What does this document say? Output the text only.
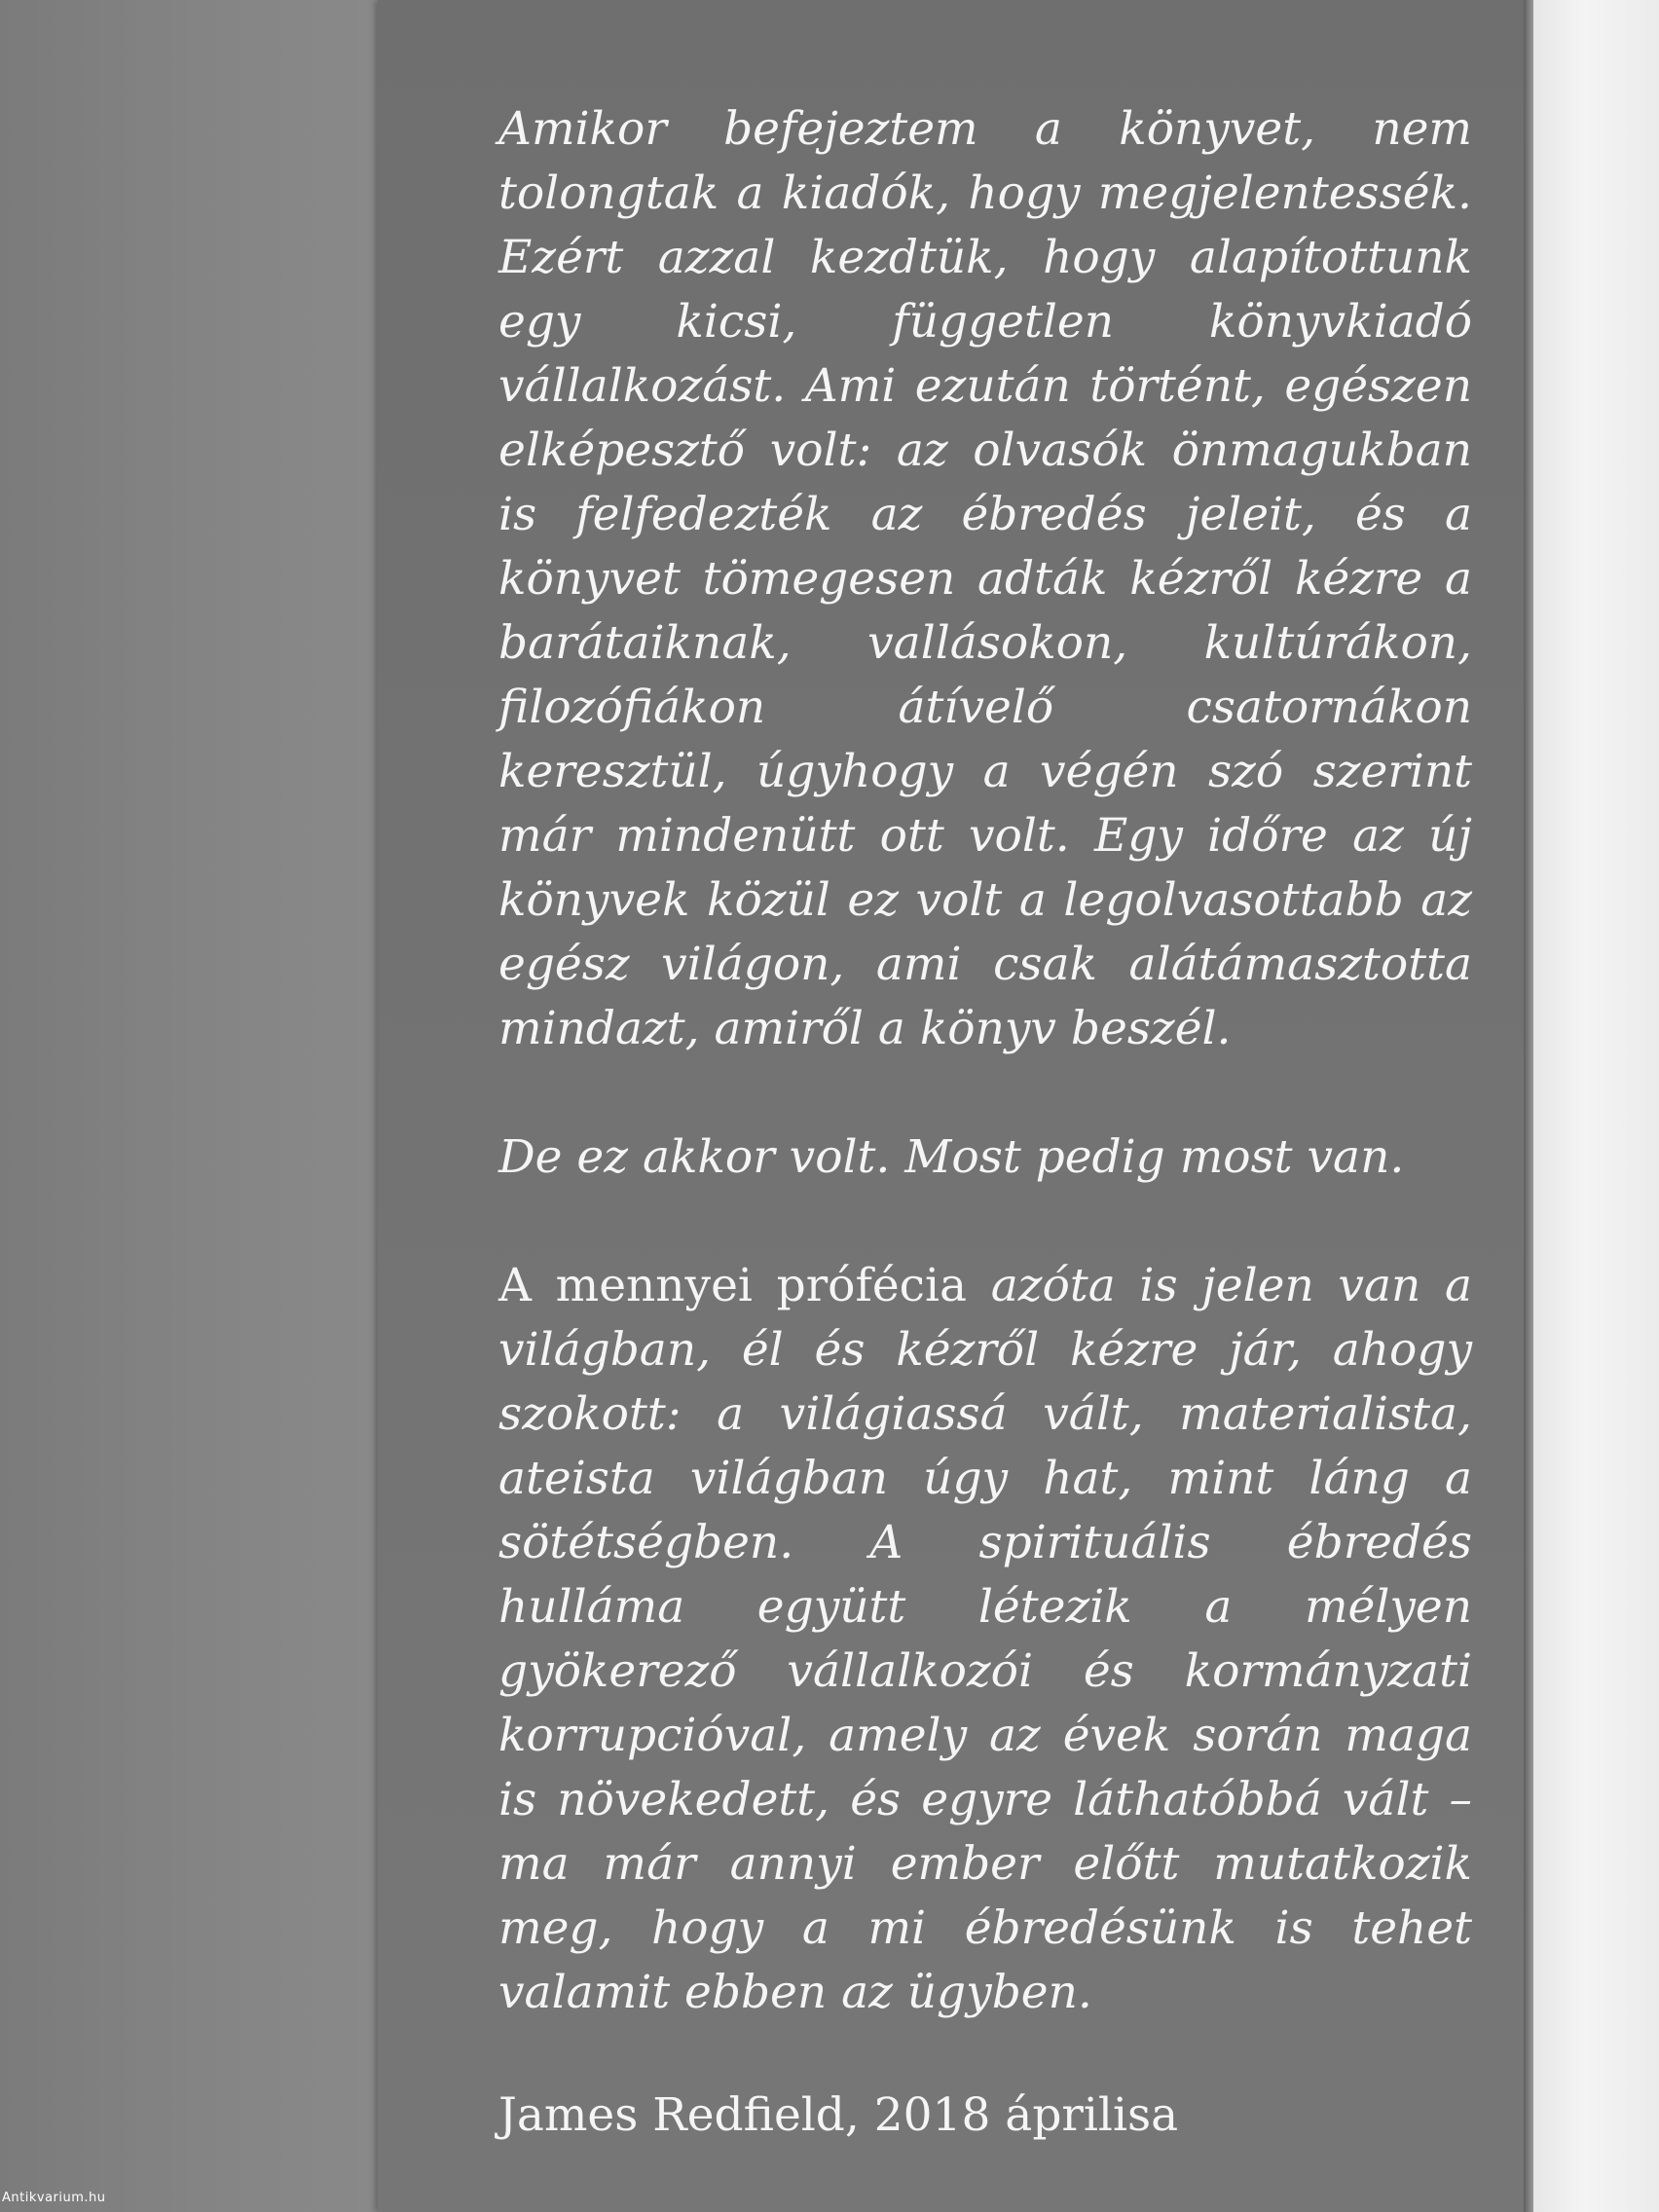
Amikor befejeztem a könyvet, nem tolongtak a kiadók, hogy megjelentessék. Ezért azzal kezdtük, hogy alapítottunk egy kicsi, független könyvkiadó vállalkozást. Ami ezután történt, egészen elképesztő volt: az olvasók önmagukban is felfedezték az ébredés jeleit, és a könyvet tömegesen adták kézről kézre a barátaiknak, vallásokon, kultúrákon, filozófiákon átívelő csatornákon keresztül, úgyhogy a végén szó szerint már mindenütt ott volt. Egy időre az új könyvek közül ez volt a legolvasottabb az egész világon, ami csak alátámasztotta mindazt, amiről a könyv beszél.

De ez akkor volt. Most pedig most van.

A mennyei prófécia azóta is jelen van a világban, él és kézről kézre jár, ahogy szokott: a világiassá vált, materialista, ateista világban úgy hat, mint láng a sötétségben. A spirituális ébredés hulláma együtt létezik a mélyen gyökerező vállalkozói és kormányzati korrupcióval, amely az évek során maga is növekedett, és egyre láthatóbbá vált – ma már annyi ember előtt mutatkozik meg, hogy a mi ébredésünk is tehet valamit ebben az ügyben.

James Redfield, 2018 áprilisa

Antikvarium.hu
